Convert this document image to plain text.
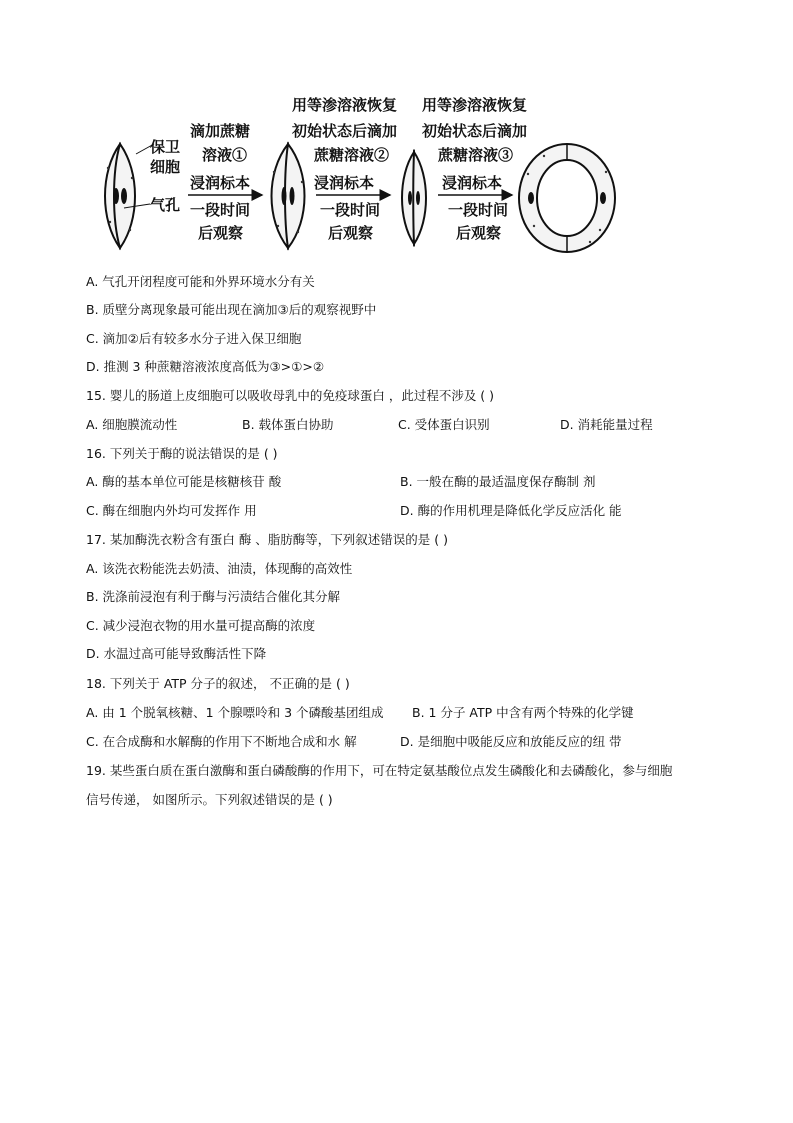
保卫
细胞
气孔
滴加蔗糖
溶液①
浸润标本
一段时间
后观察
用等渗溶液恢复
初始状态后滴加
蔗糖溶液②
浸润标本
一段时间
后观察
用等渗溶液恢复
初始状态后滴加
蔗糖溶液③
浸润标本
一段时间
后观察
A. 气孔开闭程度可能和外界环境水分有关
B. 质壁分离现象最可能出现在滴加③后的观察视野中
C. 滴加②后有较多水分子进入保卫细胞
D. 推测 3 种蔗糖溶液浓度高低为③>①>②
15. 婴儿的肠道上皮细胞可以吸收母乳中的免疫球蛋白 ，此过程不涉及 ( )
A. 细胞膜流动性	B. 载体蛋白协助	C. 受体蛋白识别	D. 消耗能量过程
16. 下列关于酶的说法错误的是 ( )
A. 酶的基本单位可能是核糖核苷 酸	B. 一般在酶的最适温度保存酶制 剂
C. 酶在细胞内外均可发挥作 用	D. 酶的作用机理是降低化学反应活化 能
17. 某加酶洗衣粉含有蛋白 酶 、脂肪酶等，下列叙述错误的是 ( )
A. 该洗衣粉能洗去奶渍、油渍，体现酶的高效性
B. 洗涤前浸泡有利于酶与污渍结合催化其分解
C. 减少浸泡衣物的用水量可提高酶的浓度
D. 水温过高可能导致酶活性下降
18. 下列关于 ATP 分子的叙述， 不正确的是 ( )
A. 由 1 个脱氧核糖、1 个腺嘌呤和 3 个磷酸基团组成 B. 1 分子 ATP 中含有两个特殊的化学键
C. 在合成酶和水解酶的作用下不断地合成和水 解	D. 是细胞中吸能反应和放能反应的纽 带
19. 某些蛋白质在蛋白激酶和蛋白磷酸酶的作用下，可在特定氨基酸位点发生磷酸化和去磷酸化，参与细胞
信号传递， 如图所示。下列叙述错误的是 ( )
